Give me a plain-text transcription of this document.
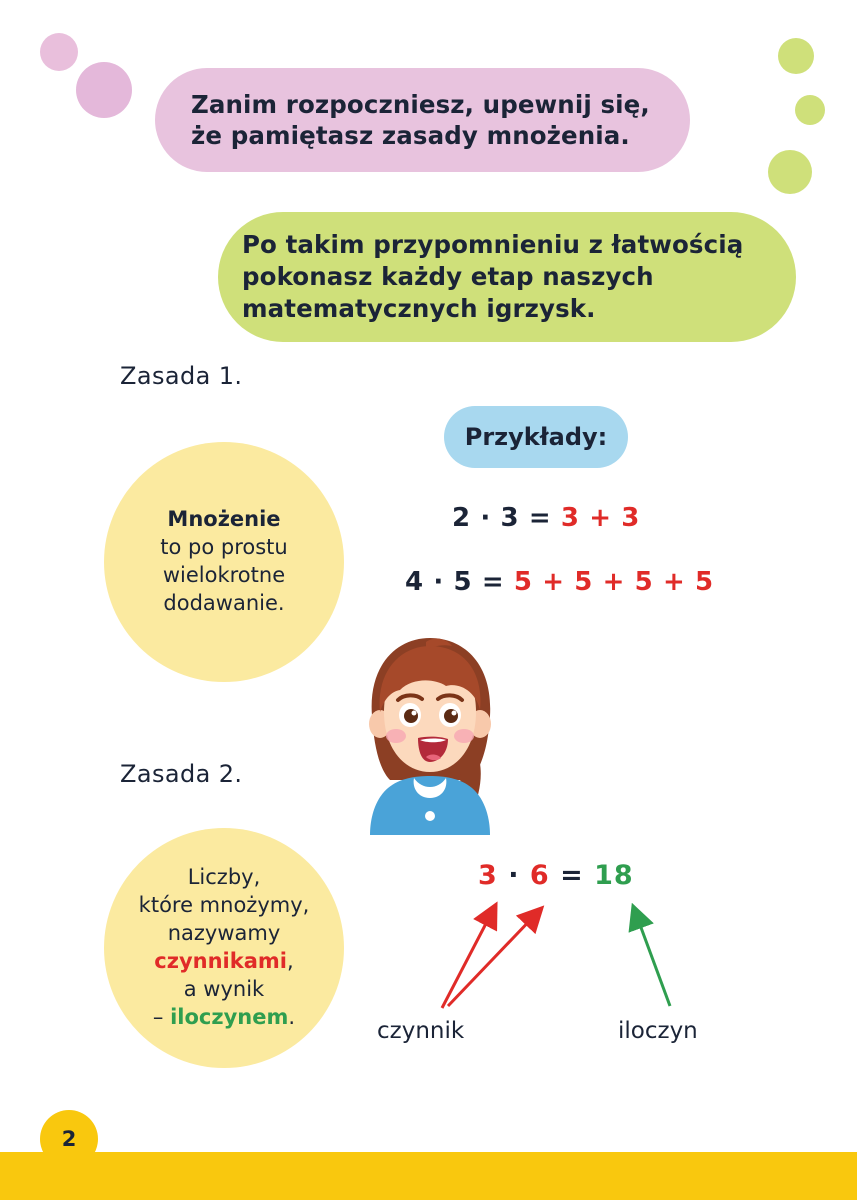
Zanim rozpoczniesz, upewnij się,
że pamiętasz zasady mnożenia.
Po takim przypomnieniu z łatwością
pokonasz każdy etap naszych
matematycznych igrzysk.
Zasada 1.
Mnożenie
to po prostu
wielokrotne
dodawanie.
Przykłady:
2 · 3 = 3 + 3
4 · 5 = 5 + 5 + 5 + 5
Zasada 2.
Liczby,
które mnożymy,
nazywamy
czynnikami,
a wynik
– iloczynem.
3 · 6 = 18
czynnik	iloczyn
2
